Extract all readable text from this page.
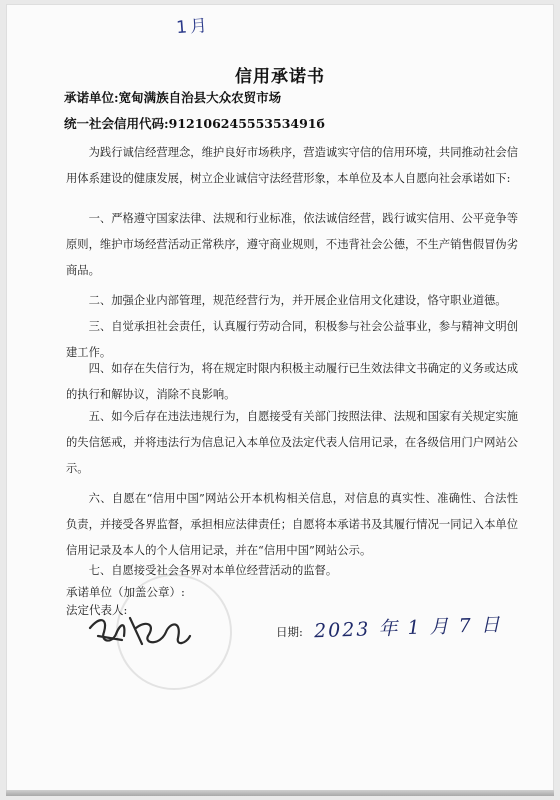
1月
信用承诺书
承诺单位:宽甸满族自治县大众农贸市场
统一社会信用代码:91210624555353491б

为践行诚信经营理念，维护良好市场秩序，营造诚实守信的信用环境，共同推动社会信用体系建设的健康发展，树立企业诚信守法经营形象，本单位及本人自愿向社会承诺如下:

一、严格遵守国家法律、法规和行业标准，依法诚信经营，践行诚实信用、公平竞争等原则，维护市场经营活动正常秩序，遵守商业规则，不违背社会公德，不生产销售假冒伪劣商品。

二、加强企业内部管理，规范经营行为，并开展企业信用文化建设，恪守职业道德。

三、自觉承担社会责任，认真履行劳动合同，积极参与社会公益事业，参与精神文明创建工作。

四、如存在失信行为，将在规定时限内积极主动履行已生效法律文书确定的义务或达成的执行和解协议，消除不良影响。

五、如今后存在违法违规行为，自愿接受有关部门按照法律、法规和国家有关规定实施的失信惩戒，并将违法行为信息记入本单位及法定代表人信用记录，在各级信用门户网站公示。

六、自愿在“信用中国”网站公开本机构相关信息，对信息的真实性、准确性、合法性负责，并接受各界监督，承担相应法律责任；自愿将本承诺书及其履行情况一同记入本单位信用记录及本人的个人信用记录，并在“信用中国”网站公示。

七、自愿接受社会各界对本单位经营活动的监督。

承诺单位（加盖公章）:
法定代表人:
日期: 2023 年 1 月 7 日
